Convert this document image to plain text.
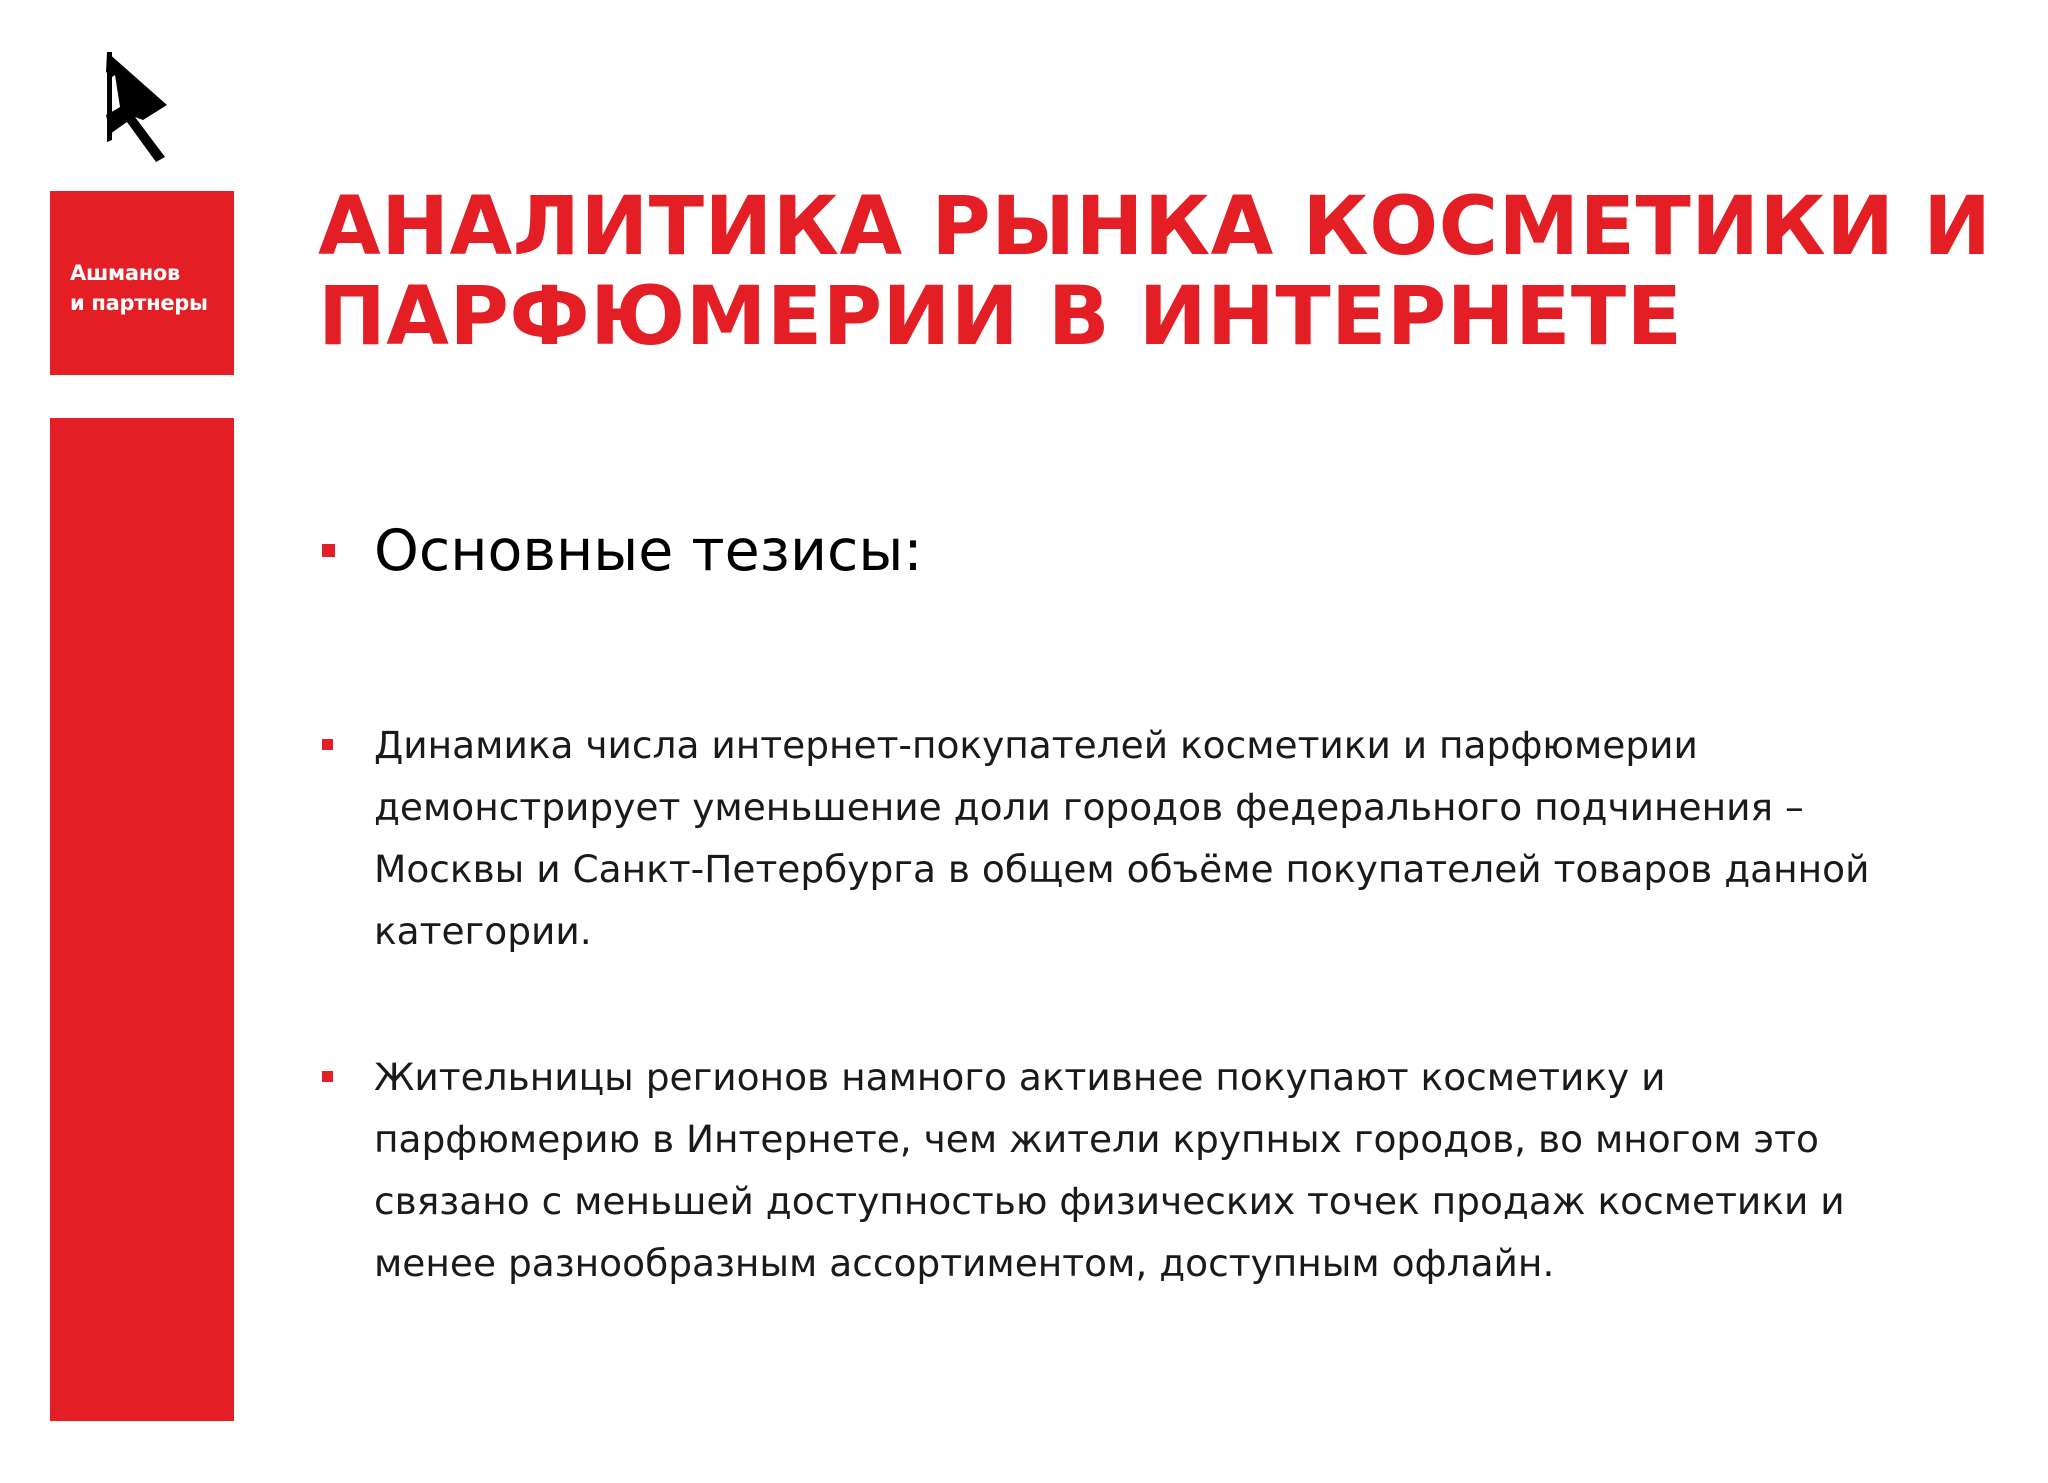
Ашманов
и партнеры
АНАЛИТИКА РЫНКА КОСМЕТИКИ И
ПАРФЮМЕРИИ В ИНТЕРНЕТЕ
Основные тезисы:

Динамика числа интернет-покупателей косметики и парфюмерии
демонстрирует уменьшение доли городов федерального подчинения –
Москвы и Санкт-Петербурга в общем объёме покупателей товаров данной
категории.

Жительницы регионов намного активнее покупают косметику и
парфюмерию в Интернете, чем жители крупных городов, во многом это
связано с меньшей доступностью физических точек продаж косметики и
менее разнообразным ассортиментом, доступным офлайн.
